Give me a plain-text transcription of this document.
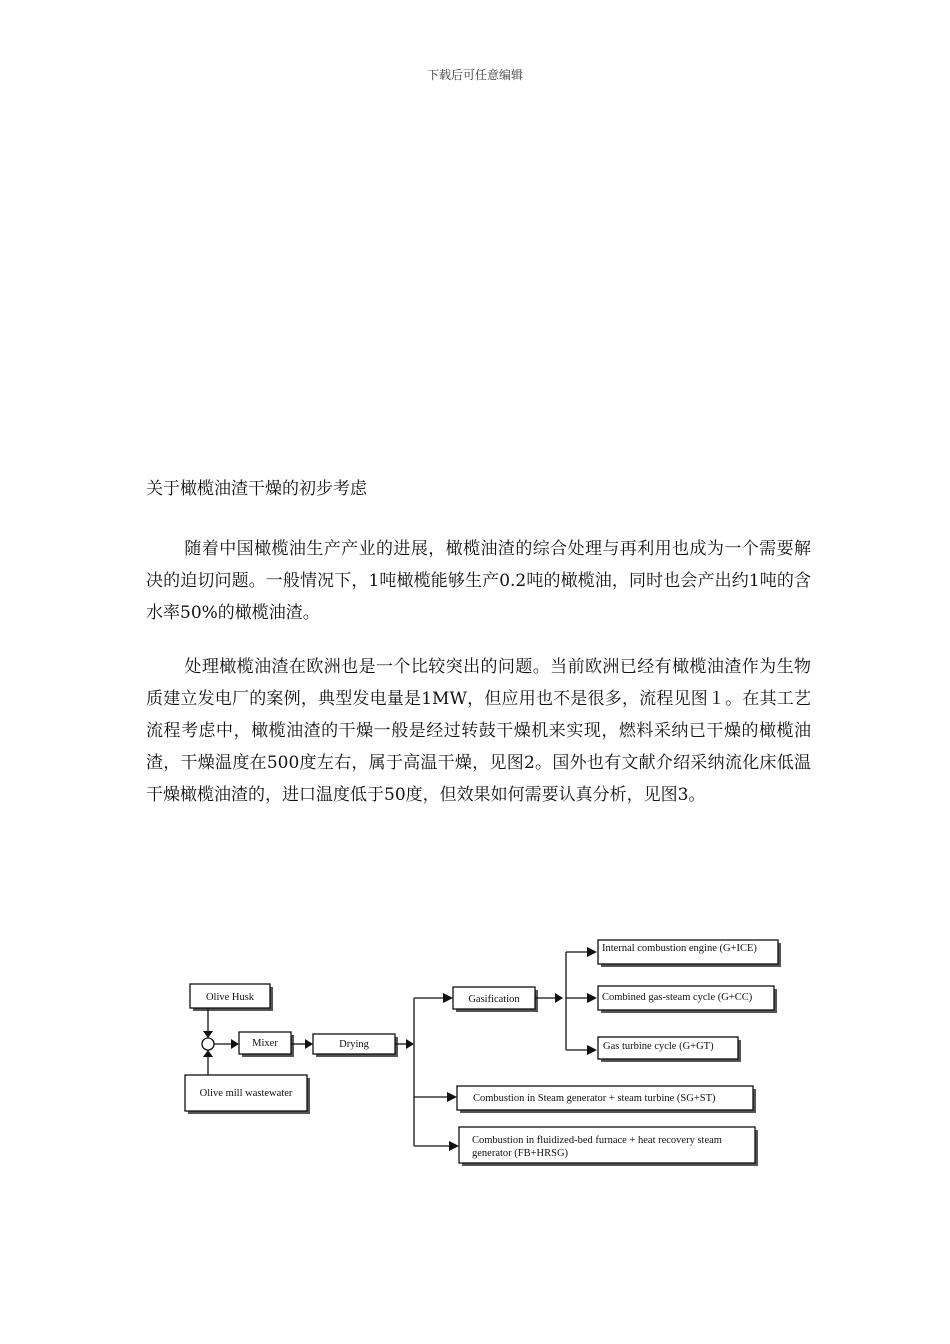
下载后可任意编辑
关于橄榄油渣干燥的初步考虑

随着中国橄榄油生产产业的进展，橄榄油渣的综合处理与再利用也成为一个需要解决的迫切问题。一般情况下，1吨橄榄能够生产0.2吨的橄榄油，同时也会产出约1吨的含水率50%的橄榄油渣。

处理橄榄油渣在欧洲也是一个比较突出的问题。当前欧洲已经有橄榄油渣作为生物质建立发电厂的案例，典型发电量是1MW，但应用也不是很多，流程见图１。在其工艺流程考虑中，橄榄油渣的干燥一般是经过转鼓干燥机来实现，燃料采纳已干燥的橄榄油渣，干燥温度在500度左右，属于高温干燥，见图2。国外也有文献介绍采纳流化床低温干燥橄榄油渣的，进口温度低于50度，但效果如何需要认真分析，见图3。

Olive Husk
Olive mill wastewater
Mixer	Drying
Gasification
Internal combustion engine (G+ICE)
Combined gas-steam cycle (G+CC)
Gas turbine cycle (G+GT)
Combustion in Steam generator + steam turbine (SG+ST)
Combustion in fluidized-bed furnace + heat recovery steam
generator (FB+HRSG)
